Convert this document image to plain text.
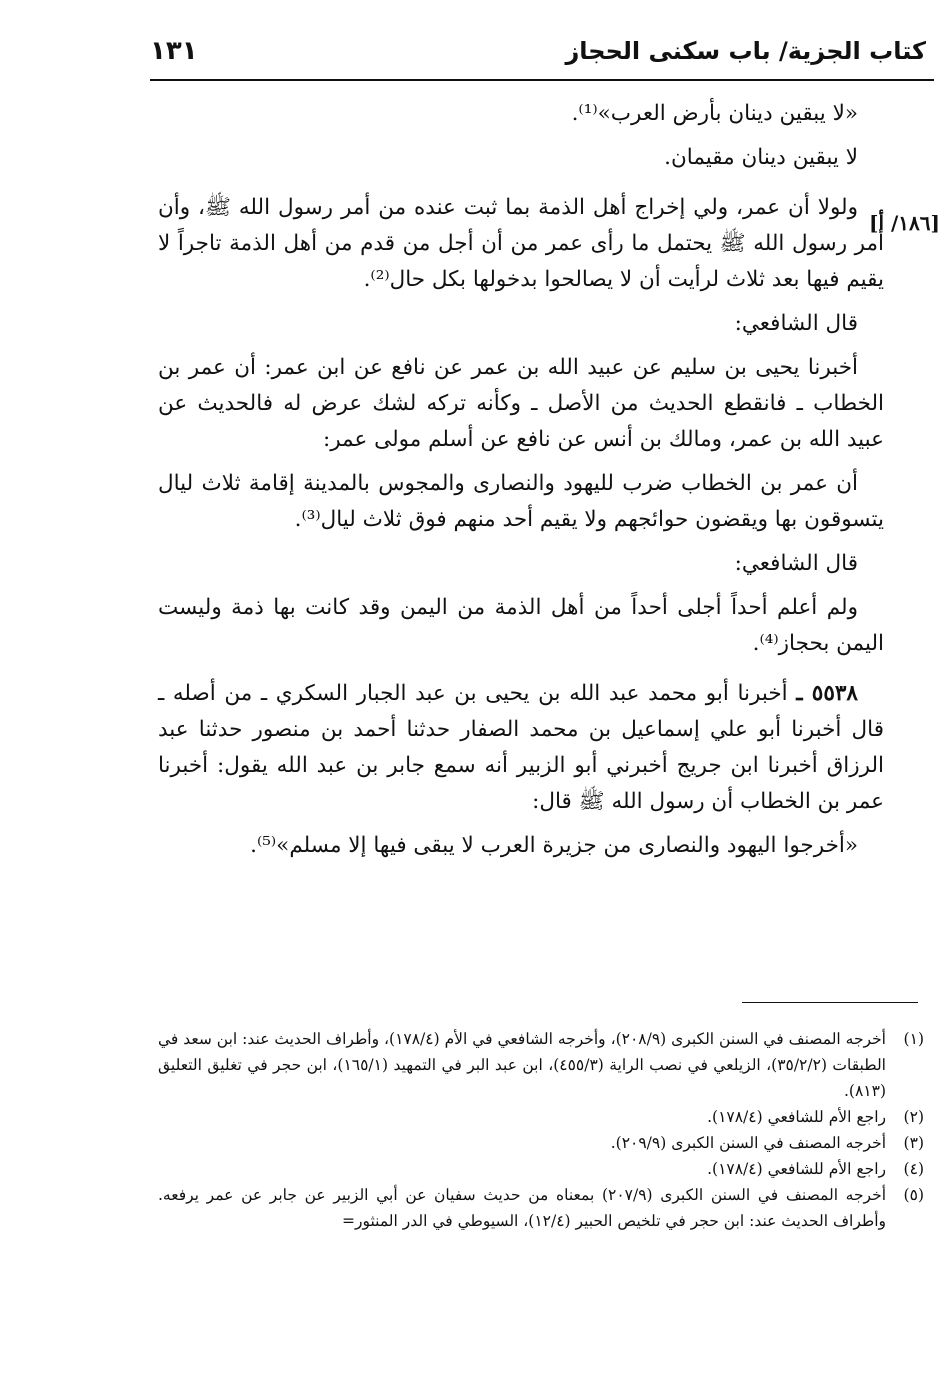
كتاب الجزية/ باب سكنى الحجاز
١٣١
[١٨٦/ أ]

«لا يبقين دينان بأرض العرب»⁽¹⁾.

لا يبقين دينان مقيمان.

ولولا أن عمر، ولي إخراج أهل الذمة بما ثبت عنده من أمر رسول الله ﷺ، وأن أمر رسول الله ﷺ يحتمل ما رأى عمر من أن أجل من قدم من أهل الذمة تاجراً لا يقيم فيها بعد ثلاث لرأيت أن لا يصالحوا بدخولها بكل حال⁽²⁾.

قال الشافعي:

أخبرنا يحيى بن سليم عن عبيد الله بن عمر عن نافع عن ابن عمر: أن عمر بن الخطاب ـ فانقطع الحديث من الأصل ـ وكأنه تركه لشك عرض له فالحديث عن عبيد الله بن عمر، ومالك بن أنس عن نافع عن أسلم مولى عمر:

أن عمر بن الخطاب ضرب لليهود والنصارى والمجوس بالمدينة إقامة ثلاث ليال يتسوقون بها ويقضون حوائجهم ولا يقيم أحد منهم فوق ثلاث ليال⁽³⁾.

قال الشافعي:

ولم أعلم أحداً أجلى أحداً من أهل الذمة من اليمن وقد كانت بها ذمة وليست اليمن بحجاز⁽⁴⁾.

٥٥٣٨ ـ أخبرنا أبو محمد عبد الله بن يحيى بن عبد الجبار السكري ـ من أصله ـ قال أخبرنا أبو علي إسماعيل بن محمد الصفار حدثنا أحمد بن منصور حدثنا عبد الرزاق أخبرنا ابن جريج أخبرني أبو الزبير أنه سمع جابر بن عبد الله يقول: أخبرنا عمر بن الخطاب أن رسول الله ﷺ قال:

«أخرجوا اليهود والنصارى من جزيرة العرب لا يبقى فيها إلا مسلم»⁽⁵⁾.

(١)
أخرجه المصنف في السنن الكبرى (٢٠٨/٩)، وأخرجه الشافعي في الأم (١٧٨/٤)، وأطراف الحديث عند: ابن سعد في الطبقات (٣٥/٢/٢)، الزيلعي في نصب الراية (٤٥٥/٣)، ابن عبد البر في التمهيد (١٦٥/١)، ابن حجر في تغليق التعليق (٨١٣).

(٢)
راجع الأم للشافعي (١٧٨/٤).

(٣)
أخرجه المصنف في السنن الكبرى (٢٠٩/٩).

(٤)
راجع الأم للشافعي (١٧٨/٤).

(٥)
أخرجه المصنف في السنن الكبرى (٢٠٧/٩) بمعناه من حديث سفيان عن أبي الزبير عن جابر عن عمر يرفعه. وأطراف الحديث عند: ابن حجر في تلخيص الحبير (١٢/٤)، السيوطي في الدر المنثور=
